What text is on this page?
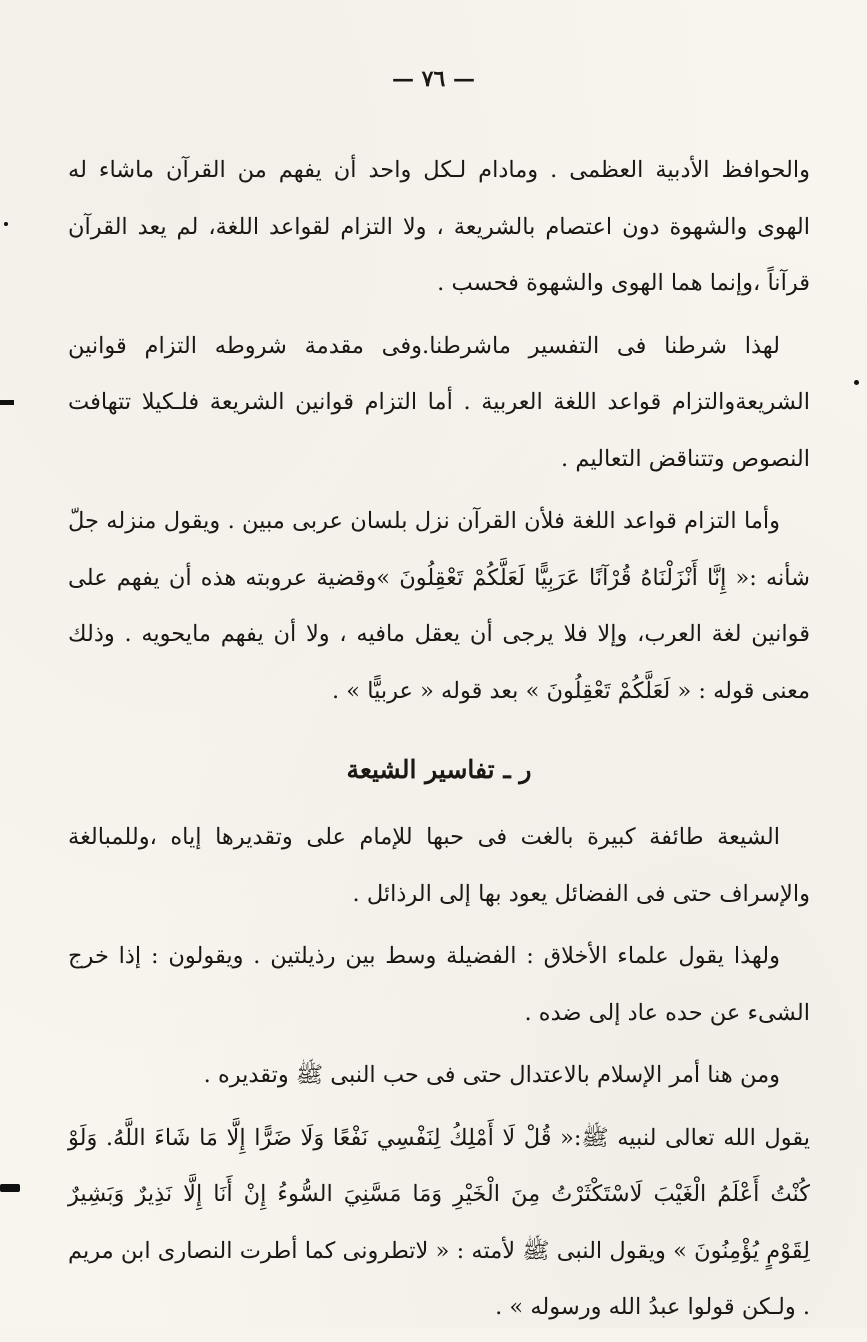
— ٧٦ —

والحوافظ الأدبية العظمى . ومادام لـكل واحد أن يفهم من القرآن ماشاء له الهوى والشهوة دون اعتصام بالشريعة ، ولا التزام لقواعد اللغة، لم يعد القرآن قرآناً ،وإنما هما الهوى والشهوة فحسب .

لهذا شرطنا فى التفسير ماشرطنا.وفى مقدمة شروطه التزام قوانين الشريعةوالتزام قواعد اللغة العربية . أما التزام قوانين الشريعة فلـكيلا تتهافت النصوص وتتناقض التعاليم .

وأما التزام قواعد اللغة فلأن القرآن نزل بلسان عربى مبين . ويقول منزله جلّ شأنه :« إِنَّا أَنْزَلْنَاهُ قُرْآنًا عَرَبِيًّا لَعَلَّكُمْ تَعْقِلُونَ »وقضية عروبته هذه أن يفهم على قوانين لغة العرب، وإلا فلا يرجى أن يعقل مافيه ، ولا أن يفهم مايحويه . وذلك معنى قوله : « لَعَلَّكُمْ تَعْقِلُونَ » بعد قوله « عربيًّا » .

ر ـ تفاسير الشيعة

الشيعة طائفة كبيرة بالغت فى حبها للإمام على وتقديرها إياه ،وللمبالغة والإسراف حتى فى الفضائل يعود بها إلى الرذائل .

ولهذا يقول علماء الأخلاق : الفضيلة وسط بين رذيلتين . ويقولون : إذا خرج الشىء عن حده عاد إلى ضده .

ومن هنا أمر الإسلام بالاعتدال حتى فى حب النبى ﷺ وتقديره .

يقول الله تعالى لنبيه ﷺ:« قُلْ لَا أَمْلِكُ لِنَفْسِي نَفْعًا وَلَا ضَرًّا إِلَّا مَا شَاءَ اللَّهُ. وَلَوْ كُنْتُ أَعْلَمُ الْغَيْبَ لَاسْتَكْثَرْتُ مِنَ الْخَيْرِ وَمَا مَسَّنِيَ السُّوءُ إِنْ أَنَا إِلَّا نَذِيرٌ وَبَشِيرٌ لِقَوْمٍ يُؤْمِنُونَ » ويقول النبى ﷺ لأمته : « لاتطرونى كما أطرت النصارى ابن مريم . ولـكن قولوا عبدُ الله ورسوله » .
